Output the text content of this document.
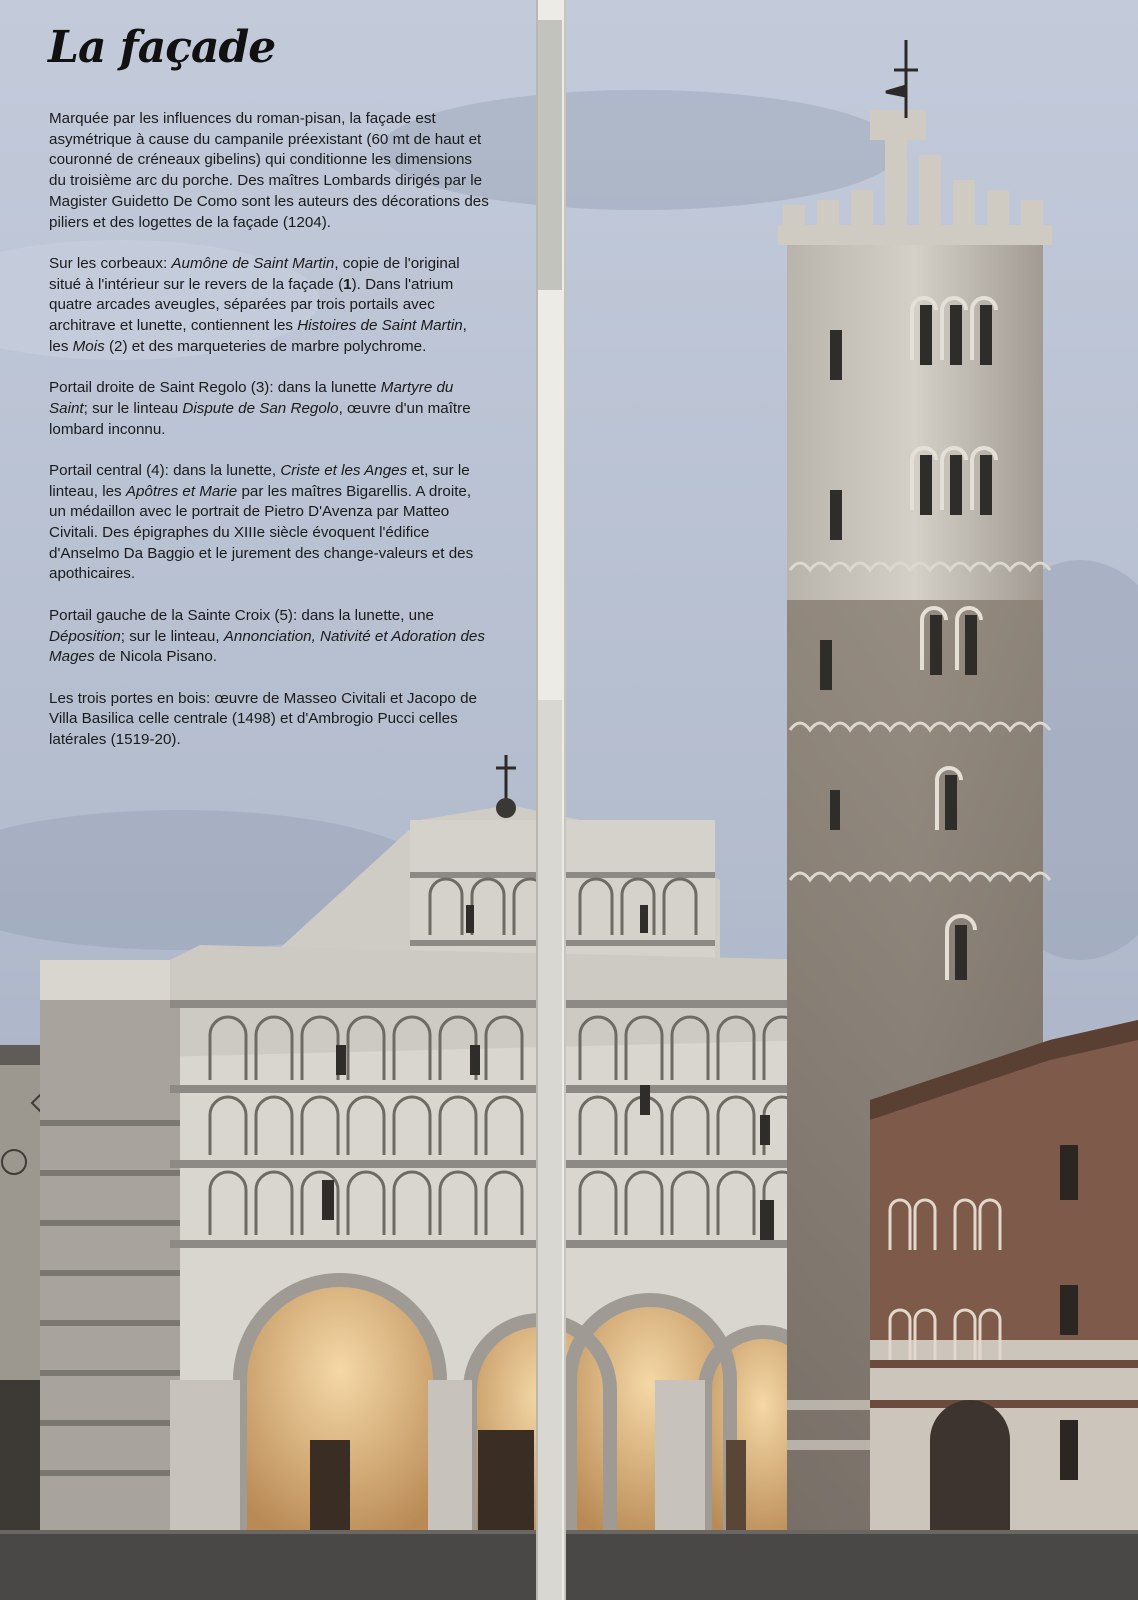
La façade

Marquée par les influences du roman-pisan, la façade est asymétrique à cause du campanile préexistant (60 mt de haut et couronné de créneaux gibelins) qui conditionne les dimensions du troisième arc du porche. Des maîtres Lombards dirigés par le Magister Guidetto De Como sont les auteurs des décorations des piliers et des logettes de la façade (1204).

Sur les corbeaux: Aumône de Saint Martin, copie de l'original situé à l'intérieur sur le revers de la façade (1). Dans l'atrium quatre arcades aveugles, séparées par trois portails avec architrave et lunette, contiennent les Histoires de Saint Martin, les Mois (2) et des marqueteries de marbre polychrome.

Portail droite de Saint Regolo (3): dans la lunette Martyre du Saint; sur le linteau Dispute de San Regolo, œuvre d'un maître lombard inconnu.

Portail central (4): dans la lunette, Criste et les Anges et, sur le linteau, les Apôtres et Marie par les maîtres Bigarellis. A droite, un médaillon avec le portrait de Pietro D'Avenza par Matteo Civitali. Des épigraphes du XIIIe siècle évoquent l'édifice d'Anselmo Da Baggio et le jurement des change-valeurs et des apothicaires.

Portail gauche de la Sainte Croix (5): dans la lunette, une Déposition; sur le linteau, Annonciation, Nativité et Adoration des Mages de Nicola Pisano.

Les trois portes en bois: œuvre de Masseo Civitali et Jacopo de Villa Basilica celle centrale (1498) et d'Ambrogio Pucci celles latérales (1519-20).
